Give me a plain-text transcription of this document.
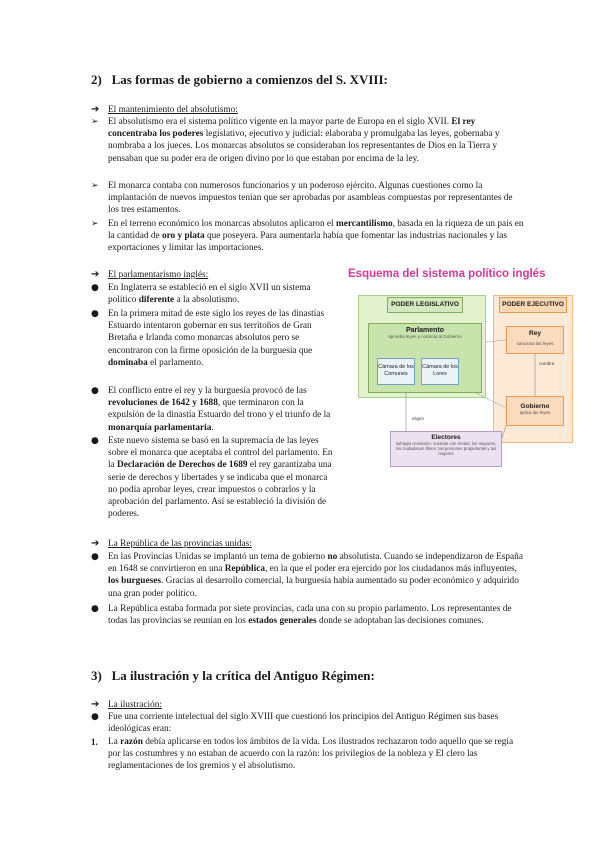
2) Las formas de gobierno a comienzos del S. XVIII:
➔ El mantenimiento del absolutismo:
➢ El absolutismo era el sistema político vigente en la mayor parte de Europa en el siglo XVII. El rey concentraba los poderes legislativo, ejecutivo y judicial: elaboraba y promulgaba las leyes, gobernaba y nombraba a los jueces. Los monarcas absolutos se consideraban los representantes de Dios en la Tierra y pensaban que su poder era de origen divino por lo que estaban por encima de la ley.
➢ El monarca contaba con numerosos funcionarios y un poderoso ejército. Algunas cuestiones como la implantación de nuevos impuestos tenían que ser aprobadas por asambleas compuestas por representantes de los tres estamentos.
➢ En el terreno económico los monarcas absolutos aplicaron el mercantilismo, basada en la riqueza de un país en la cantidad de oro y plata que poseyera. Para aumentarla había que fomentar las industrias nacionales y las exportaciones y limitar las importaciones.
➔ El parlamentarismo inglés:
● En Inglaterra se estableció en el siglo XVII un sistema político diferente a la absolutismo.
● En la primera mitad de este siglo los reyes de las dinastías Estuardo intentaron gobernar en sus territoños de Gran Bretaña e Irlanda como monarcas absolutos pero se encontraron con la firme oposición de la burguesía que dominaba el parlamento.
● El conflicto entre el rey y la burguesía provocó de las revoluciones de 1642 y 1688, que terminaron con la expulsión de la dinastía Estuardo del trono y el triunfo de la monarquía parlamentaria.
● Este nuevo sistema se basó en la supremacía de las leyes sobre el monarca que aceptaba el control del parlamento. En la Declaración de Derechos de 1689 el rey garantizaba una serie de derechos y libertades y se indicaba que el monarca no podía aprobar leyes, crear impuestos o cobrarlos y la aprobación del parlamento. Así se estableció la división de poderes.
Esquema del sistema político inglés
PODER LEGISLATIVO
Parlamento
aprueba leyes y controla al Gobierno
Cámara de los Comunes
Cámara de los Lores
PODER EJECUTIVO
Rey
sanciona las leyes
nombra
Gobierno
aplica las leyes
Electores
sufragio censitario: cuentan con rentas; los mayores, los ciudadanos libres; las personas propietarias y las mujeres
eligen
➔ La República de las provincias unidas:
● En las Provincias Unidas se implantó un tema de gobierno no absolutista. Cuando se independizaron de España en 1648 se convirtieron en una República, en la que el poder era ejercido por los ciudadanos más influyentes, los burgueses. Gracias al desarrollo comercial, la burguesía había aumentado su poder económico y adquirido una gran poder político.
● La República estaba formada por siete provincias, cada una con su propio parlamento. Los representantes de todas las provincias se reunían en los estados generales donde se adoptaban las decisiones comunes.
3) La ilustración y la crítica del Antiguo Régimen:
➔ La ilustración:
● Fue una corriente intelectual del siglo XVIII que cuestionó los principios del Antiguo Régimen sus bases ideológicas eran:
1. La razón debía aplicarse en todos los ámbitos de la vida. Los ilustrados rechazaron todo aquello que se regía por las costumbres y no estaban de acuerdo con la razón: los privilegios de la nobleza y El clero las reglamentaciones de los gremios y el absolutismo.
